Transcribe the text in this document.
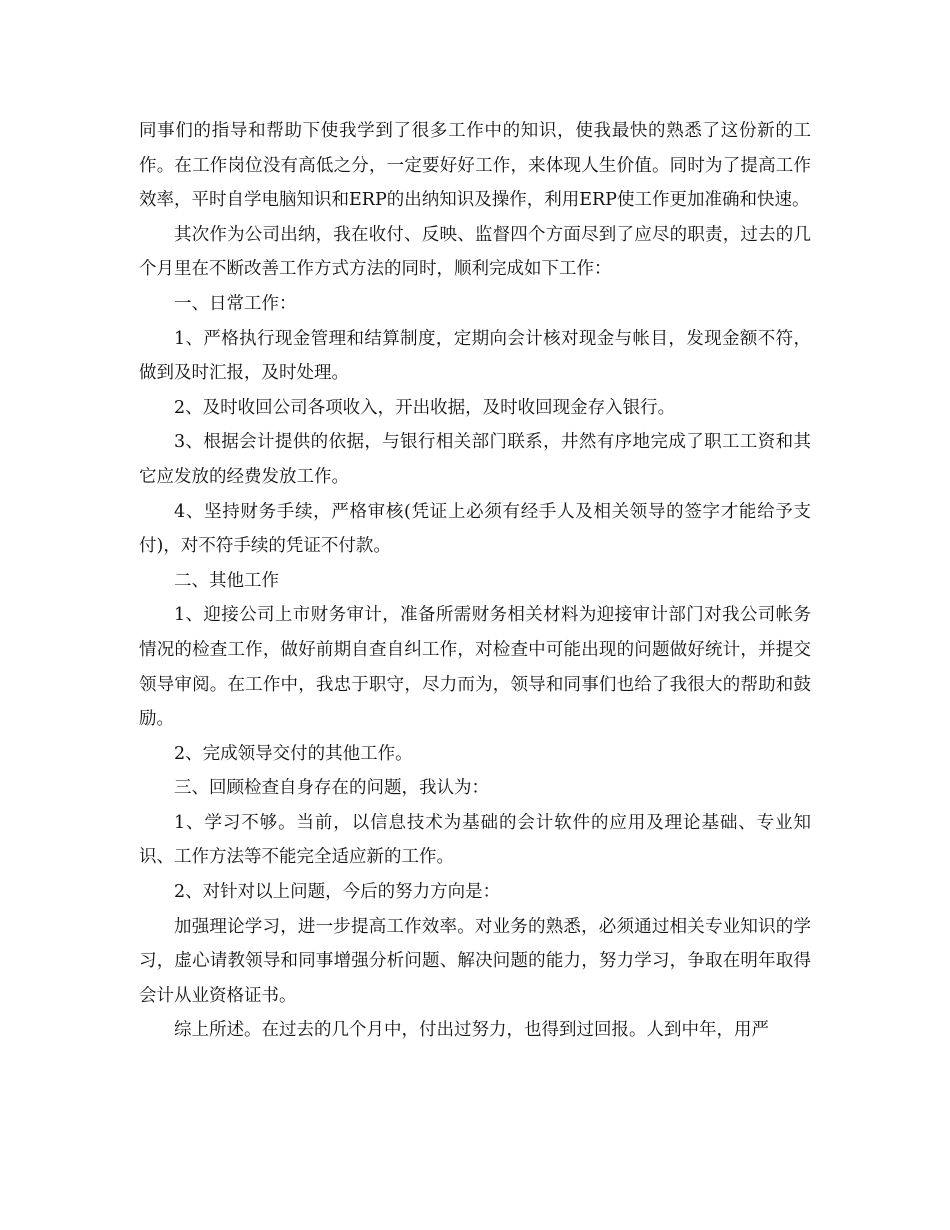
同事们的指导和帮助下使我学到了很多工作中的知识，使我最快的熟悉了这份新的工作。在工作岗位没有高低之分，一定要好好工作，来体现人生价值。同时为了提高工作效率，平时自学电脑知识和ERP的出纳知识及操作，利用ERP使工作更加准确和快速。

其次作为公司出纳，我在收付、反映、监督四个方面尽到了应尽的职责，过去的几个月里在不断改善工作方式方法的同时，顺利完成如下工作：

一、日常工作：

1、严格执行现金管理和结算制度，定期向会计核对现金与帐目，发现金额不符，做到及时汇报，及时处理。

2、及时收回公司各项收入，开出收据，及时收回现金存入银行。

3、根据会计提供的依据，与银行相关部门联系，井然有序地完成了职工工资和其它应发放的经费发放工作。

4、坚持财务手续，严格审核(凭证上必须有经手人及相关领导的签字才能给予支付)，对不符手续的凭证不付款。

二、其他工作

1、迎接公司上市财务审计，准备所需财务相关材料为迎接审计部门对我公司帐务情况的检查工作，做好前期自查自纠工作，对检查中可能出现的问题做好统计，并提交领导审阅。在工作中，我忠于职守，尽力而为，领导和同事们也给了我很大的帮助和鼓励。

2、完成领导交付的其他工作。

三、回顾检查自身存在的问题，我认为：

1、学习不够。当前，以信息技术为基础的会计软件的应用及理论基础、专业知识、工作方法等不能完全适应新的工作。

2、对针对以上问题，今后的努力方向是：

加强理论学习，进一步提高工作效率。对业务的熟悉，必须通过相关专业知识的学习，虚心请教领导和同事增强分析问题、解决问题的能力，努力学习，争取在明年取得会计从业资格证书。

综上所述。在过去的几个月中，付出过努力，也得到过回报。人到中年，用严
